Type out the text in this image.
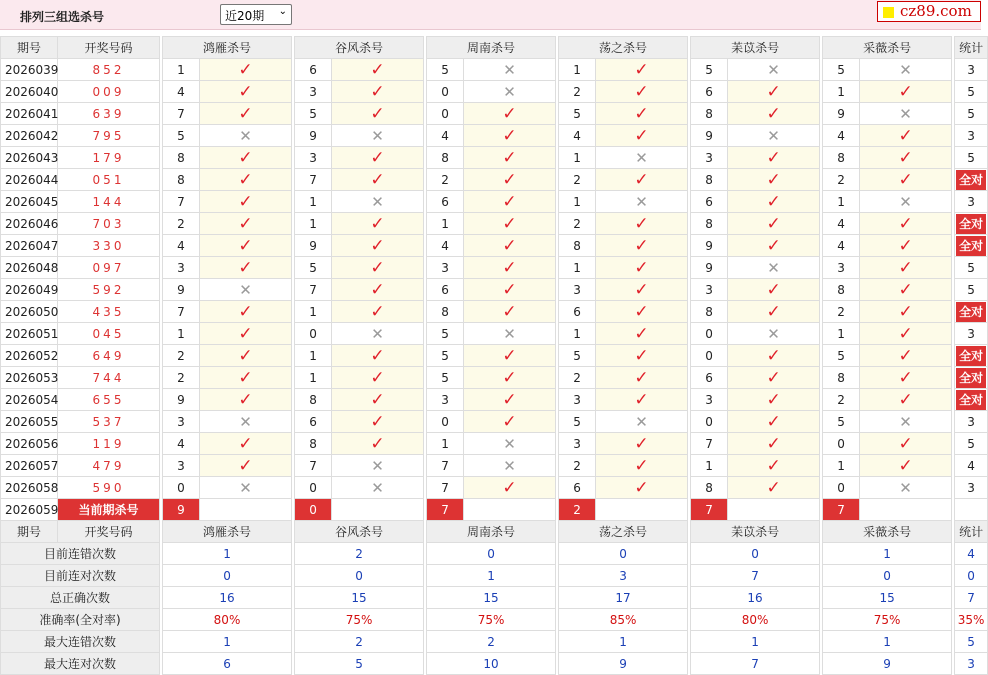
排列三组选杀号	近20期 ⌄	cz89.com
期号	开奖号码		鸿雁杀号			谷风杀号			周南杀号			荡之杀号			苿苡杀号			采薇杀号			统计
2026039	852		1	✓		6	✓		5	✕		1	✓		5	✕		5	✕		3
2026040	009		4	✓		3	✓		0	✕		2	✓		6	✓		1	✓		5
2026041	639		7	✓		5	✓		0	✓		5	✓		8	✓		9	✕		5
2026042	795		5	✕		9	✕		4	✓		4	✓		9	✕		4	✓		3
2026043	179		8	✓		3	✓		8	✓		1	✕		3	✓		8	✓		5
2026044	051		8	✓		7	✓		2	✓		2	✓		8	✓		2	✓		全对
2026045	144		7	✓		1	✕		6	✓		1	✕		6	✓		1	✕		3
2026046	703		2	✓		1	✓		1	✓		2	✓		8	✓		4	✓		全对
2026047	330		4	✓		9	✓		4	✓		8	✓		9	✓		4	✓		全对
2026048	097		3	✓		5	✓		3	✓		1	✓		9	✕		3	✓		5
2026049	592		9	✕		7	✓		6	✓		3	✓		3	✓		8	✓		5
2026050	435		7	✓		1	✓		8	✓		6	✓		8	✓		2	✓		全对
2026051	045		1	✓		0	✕		5	✕		1	✓		0	✕		1	✓		3
2026052	649		2	✓		1	✓		5	✓		5	✓		0	✓		5	✓		全对
2026053	744		2	✓		1	✓		5	✓		2	✓		6	✓		8	✓		全对
2026054	655		9	✓		8	✓		3	✓		3	✓		3	✓		2	✓		全对
2026055	537		3	✕		6	✓		0	✓		5	✕		0	✓		5	✕		3
2026056	119		4	✓		8	✓		1	✕		3	✓		7	✓		0	✓		5
2026057	479		3	✓		7	✕		7	✕		2	✓		1	✓		1	✓		4
2026058	590		0	✕		0	✕		7	✓		6	✓		8	✓		0	✕		3
2026059	当前期杀号		9			0			7			2			7			7			
期号	开奖号码		鸿雁杀号			谷风杀号			周南杀号			荡之杀号			苿苡杀号			采薇杀号			统计
目前连错次数			1			2			0			0			0			1			4
目前连对次数			0			0			1			3			7			0			0
总正确次数			16			15			15			17			16			15			7
准确率(全对率)			80%			75%			75%			85%			80%			75%			35%
最大连错次数			1			2			2			1			1			1			5
最大连对次数			6			5			10			9			7			9			3
